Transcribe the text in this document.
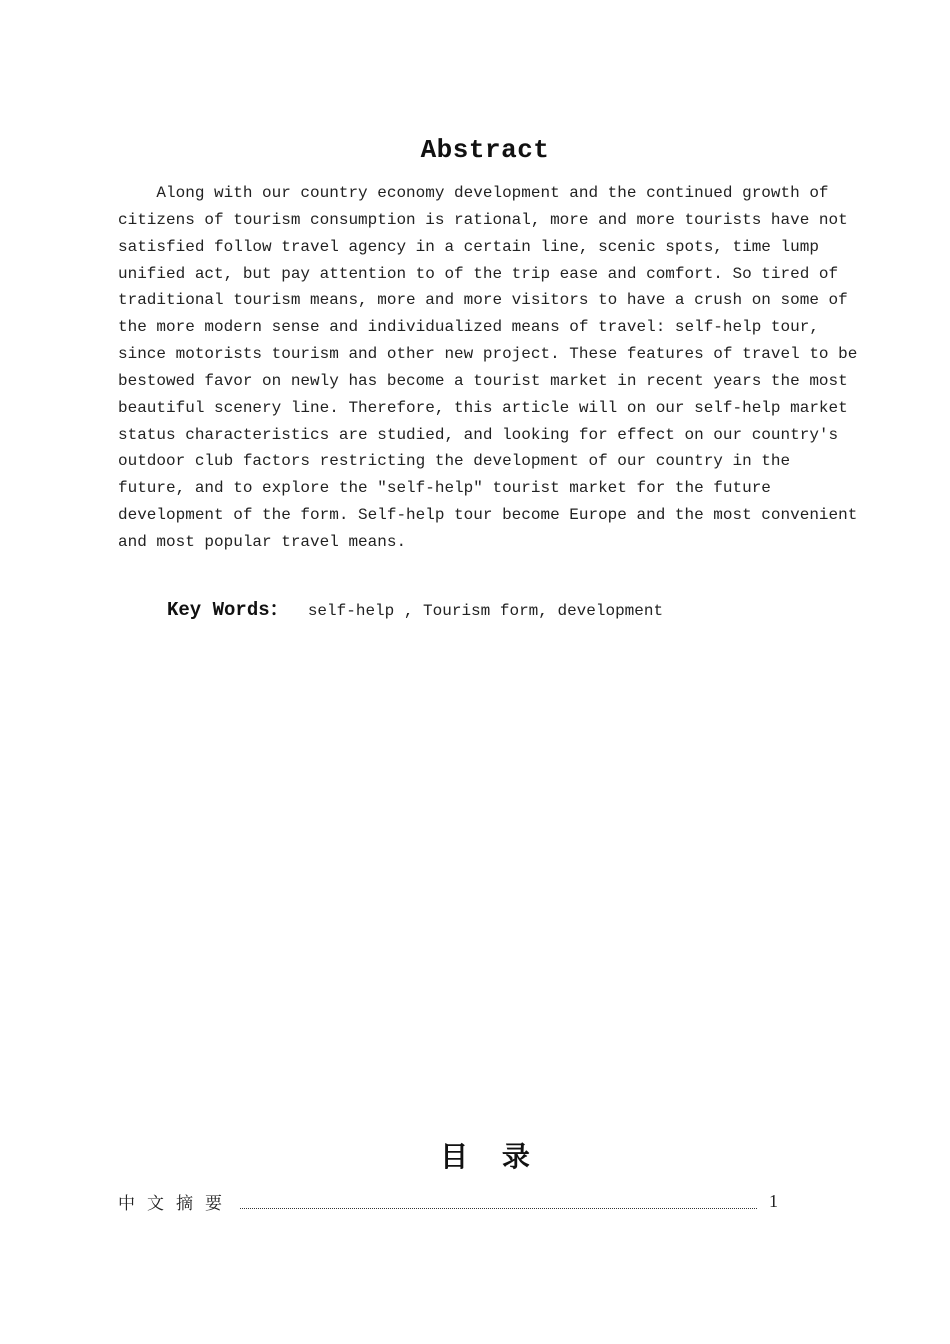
Abstract
Along with our country economy development and the continued growth of
citizens of tourism consumption is rational, more and more tourists have not
satisfied follow travel agency in a certain line, scenic spots, time lump
unified act, but pay attention to of the trip ease and comfort. So tired of
traditional tourism means, more and more visitors to have a crush on some of
the more modern sense and individualized means of travel: self-help tour,
since motorists tourism and other new project. These features of travel to be
bestowed favor on newly has become a tourist market in recent years the most
beautiful scenery line. Therefore, this article will on our self-help market
status characteristics are studied, and looking for effect on our country's
outdoor club factors restricting the development of our country in the
future, and to explore the "self-help" tourist market for the future
development of the form. Self-help tour become Europe and the most convenient
and most popular travel means.
Key Words：  self-help , Tourism form, development
目 录
中文摘要	1
